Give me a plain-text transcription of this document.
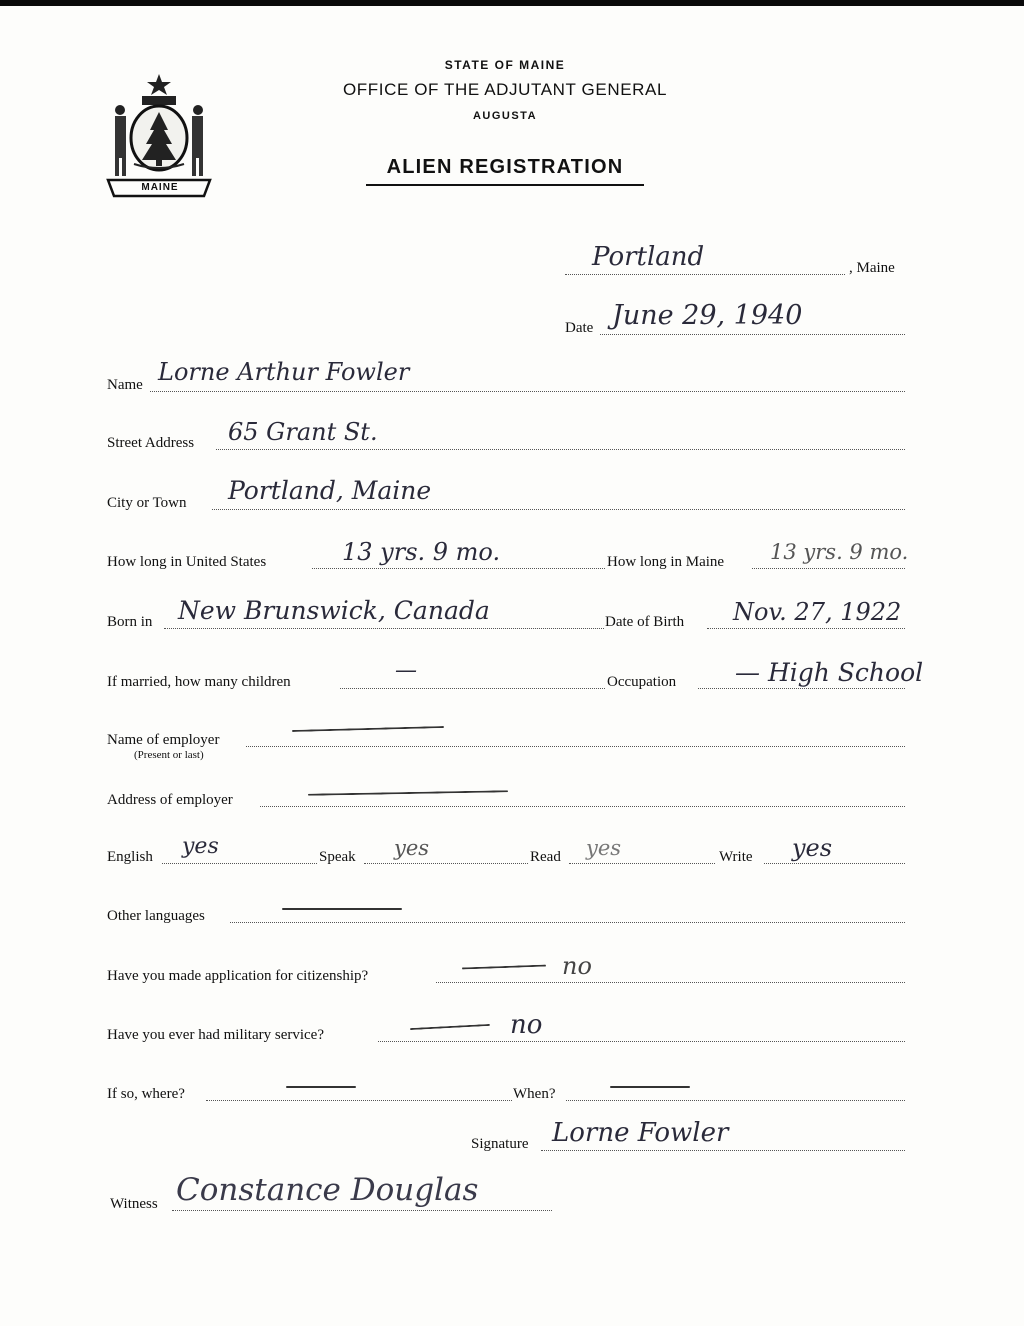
MAINE
STATE OF MAINE
OFFICE OF THE ADJUTANT GENERAL
AUGUSTA
ALIEN REGISTRATION
Portland	, Maine
Date June 29, 1940
Name Lorne Arthur Fowler
Street Address 65 Grant St.
City or Town Portland, Maine
How long in United States	13 yrs. 9 mo.	How long in Maine 13 yrs. 9 mo.
Born in New Brunswick, Canada	Date of Birth Nov. 27, 1922
If married, how many children	—	Occupation — High School
Name of employer
(Present or last)
Address of employer
English yes	Speak yes	Read yes	Write yes
Other languages
Have you made application for citizenship?	no
Have you ever had military service?	no
If so, where?	When?
Signature Lorne Fowler
Witness Constance Douglas
